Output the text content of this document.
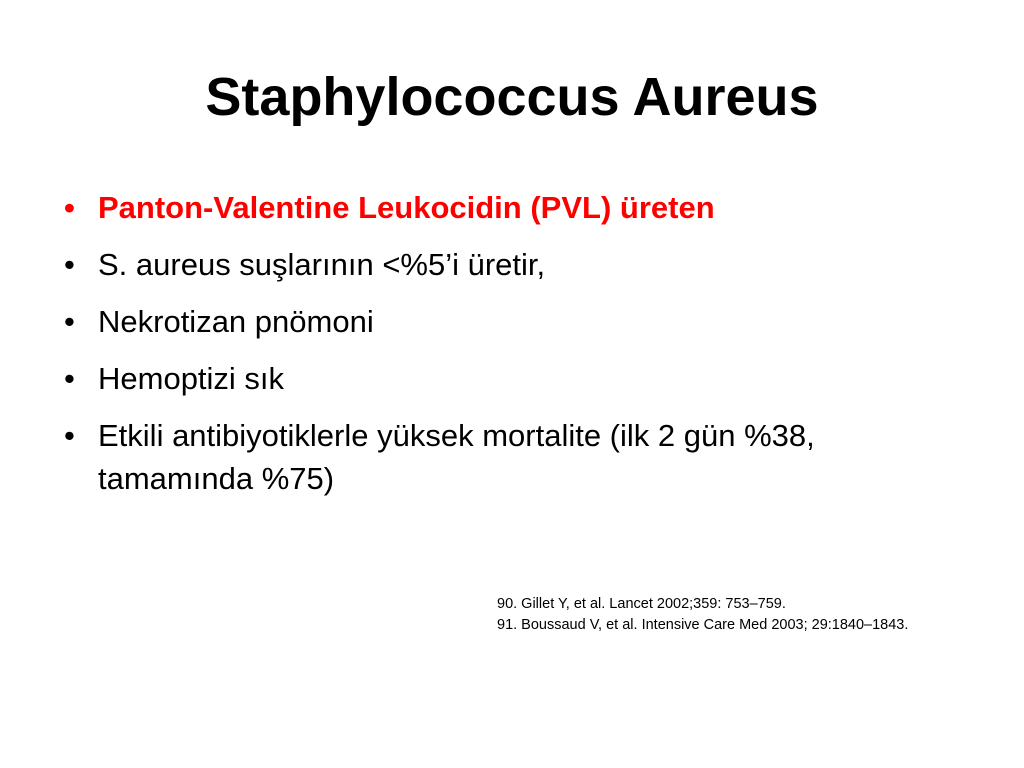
Staphylococcus Aureus
• Panton-Valentine Leukocidin (PVL) üreten
• S. aureus suşlarının <%5’i üretir,
• Nekrotizan pnömoni
• Hemoptizi sık
• Etkili antibiyotiklerle yüksek mortalite (ilk 2 gün %38, tamamında %75)
90. Gillet Y, et al. Lancet 2002;359: 753–759.
91. Boussaud V, et al. Intensive Care Med 2003; 29:1840–1843.
